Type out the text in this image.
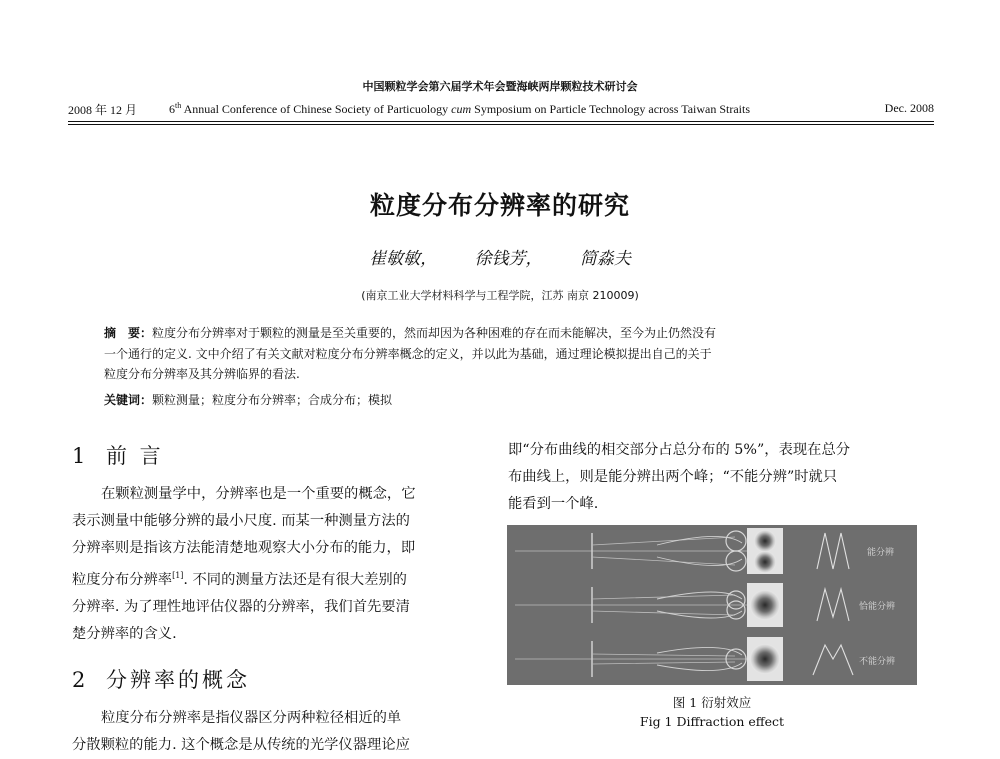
中国颗粒学会第六届学术年会暨海峡两岸颗粒技术研讨会
2008 年 12 月	6th Annual Conference of Chinese Society of Particuology cum Symposium on Particle Technology across Taiwan Straits	Dec. 2008
粒度分布分辨率的研究
崔敏敏， 徐钱芳， 简淼夫
(南京工业大学材料科学与工程学院，江苏 南京 210009)
摘　要：粒度分布分辨率对于颗粒的测量是至关重要的，然而却因为各种困难的存在而未能解决，至今为止仍然没有
一个通行的定义. 文中介绍了有关文献对粒度分布分辨率概念的定义，并以此为基础，通过理论模拟提出自己的关于
粒度分布分辨率及其分辨临界的看法.
关键词：颗粒测量；粒度分布分辨率；合成分布；模拟
1 前 言
在颗粒测量学中，分辨率也是一个重要的概念，它
表示测量中能够分辨的最小尺度. 而某一种测量方法的
分辨率则是指该方法能清楚地观察大小分布的能力，即
粒度分布分辨率[1]. 不同的测量方法还是有很大差别的
分辨率. 为了理性地评估仪器的分辨率，我们首先要清
楚分辨率的含义.
2 分辨率的概念
粒度分布分辨率是指仪器区分两种粒径相近的单
分散颗粒的能力. 这个概念是从传统的光学仪器理论应
即“分布曲线的相交部分占总分布的 5%”，表现在总分
布曲线上，则是能分辨出两个峰；“不能分辨”时就只
能看到一个峰.
能分辨
恰能分辨
不能分辨
图 1 衍射效应
Fig 1 Diffraction effect
